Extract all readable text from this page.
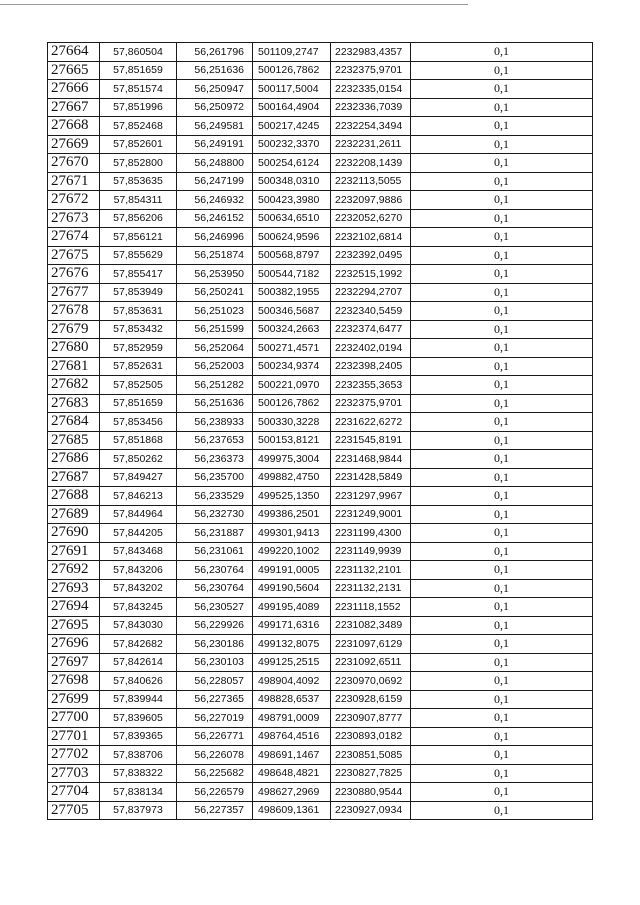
27664	57,860504	56,261796	501109,2747	2232983,4357	0,1
27665	57,851659	56,251636	500126,7862	2232375,9701	0,1
27666	57,851574	56,250947	500117,5004	2232335,0154	0,1
27667	57,851996	56,250972	500164,4904	2232336,7039	0,1
27668	57,852468	56,249581	500217,4245	2232254,3494	0,1
27669	57,852601	56,249191	500232,3370	2232231,2611	0,1
27670	57,852800	56,248800	500254,6124	2232208,1439	0,1
27671	57,853635	56,247199	500348,0310	2232113,5055	0,1
27672	57,854311	56,246932	500423,3980	2232097,9886	0,1
27673	57,856206	56,246152	500634,6510	2232052,6270	0,1
27674	57,856121	56,246996	500624,9596	2232102,6814	0,1
27675	57,855629	56,251874	500568,8797	2232392,0495	0,1
27676	57,855417	56,253950	500544,7182	2232515,1992	0,1
27677	57,853949	56,250241	500382,1955	2232294,2707	0,1
27678	57,853631	56,251023	500346,5687	2232340,5459	0,1
27679	57,853432	56,251599	500324,2663	2232374,6477	0,1
27680	57,852959	56,252064	500271,4571	2232402,0194	0,1
27681	57,852631	56,252003	500234,9374	2232398,2405	0,1
27682	57,852505	56,251282	500221,0970	2232355,3653	0,1
27683	57,851659	56,251636	500126,7862	2232375,9701	0,1
27684	57,853456	56,238933	500330,3228	2231622,6272	0,1
27685	57,851868	56,237653	500153,8121	2231545,8191	0,1
27686	57,850262	56,236373	499975,3004	2231468,9844	0,1
27687	57,849427	56,235700	499882,4750	2231428,5849	0,1
27688	57,846213	56,233529	499525,1350	2231297,9967	0,1
27689	57,844964	56,232730	499386,2501	2231249,9001	0,1
27690	57,844205	56,231887	499301,9413	2231199,4300	0,1
27691	57,843468	56,231061	499220,1002	2231149,9939	0,1
27692	57,843206	56,230764	499191,0005	2231132,2101	0,1
27693	57,843202	56,230764	499190,5604	2231132,2131	0,1
27694	57,843245	56,230527	499195,4089	2231118,1552	0,1
27695	57,843030	56,229926	499171,6316	2231082,3489	0,1
27696	57,842682	56,230186	499132,8075	2231097,6129	0,1
27697	57,842614	56,230103	499125,2515	2231092,6511	0,1
27698	57,840626	56,228057	498904,4092	2230970,0692	0,1
27699	57,839944	56,227365	498828,6537	2230928,6159	0,1
27700	57,839605	56,227019	498791,0009	2230907,8777	0,1
27701	57,839365	56,226771	498764,4516	2230893,0182	0,1
27702	57,838706	56,226078	498691,1467	2230851,5085	0,1
27703	57,838322	56,225682	498648,4821	2230827,7825	0,1
27704	57,838134	56,226579	498627,2969	2230880,9544	0,1
27705	57,837973	56,227357	498609,1361	2230927,0934	0,1
